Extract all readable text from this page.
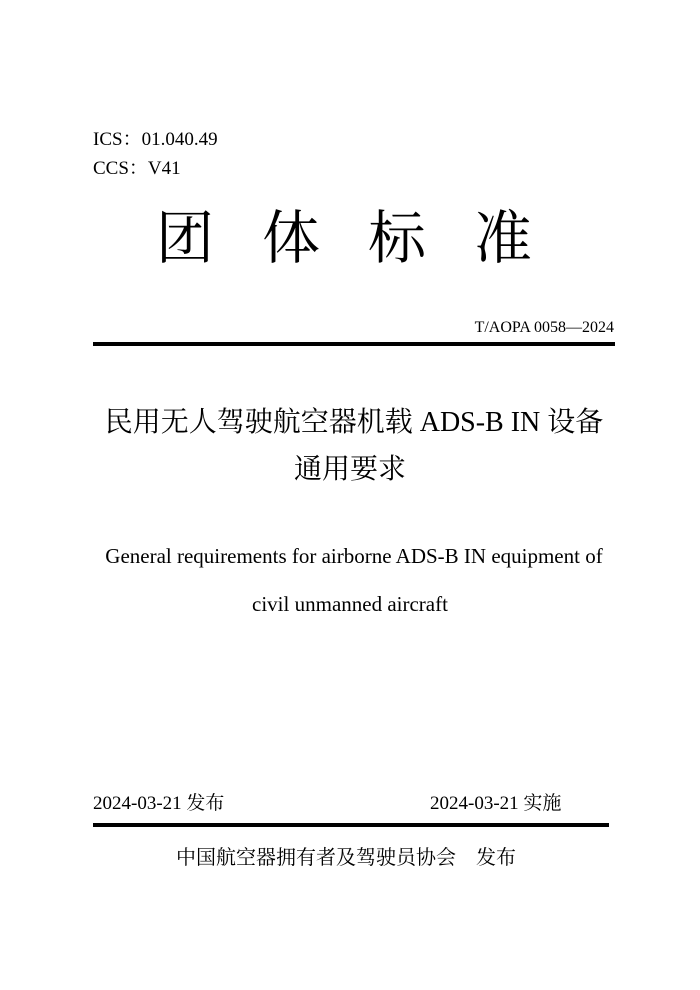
ICS：01.040.49
CCS：V41
团体标准
T/AOPA 0058—2024
民用无人驾驶航空器机载 ADS-B IN 设备
通用要求
General requirements for airborne ADS-B IN equipment of
civil unmanned aircraft
2024-03-21 发布	2024-03-21 实施
中国航空器拥有者及驾驶员协会　发布
